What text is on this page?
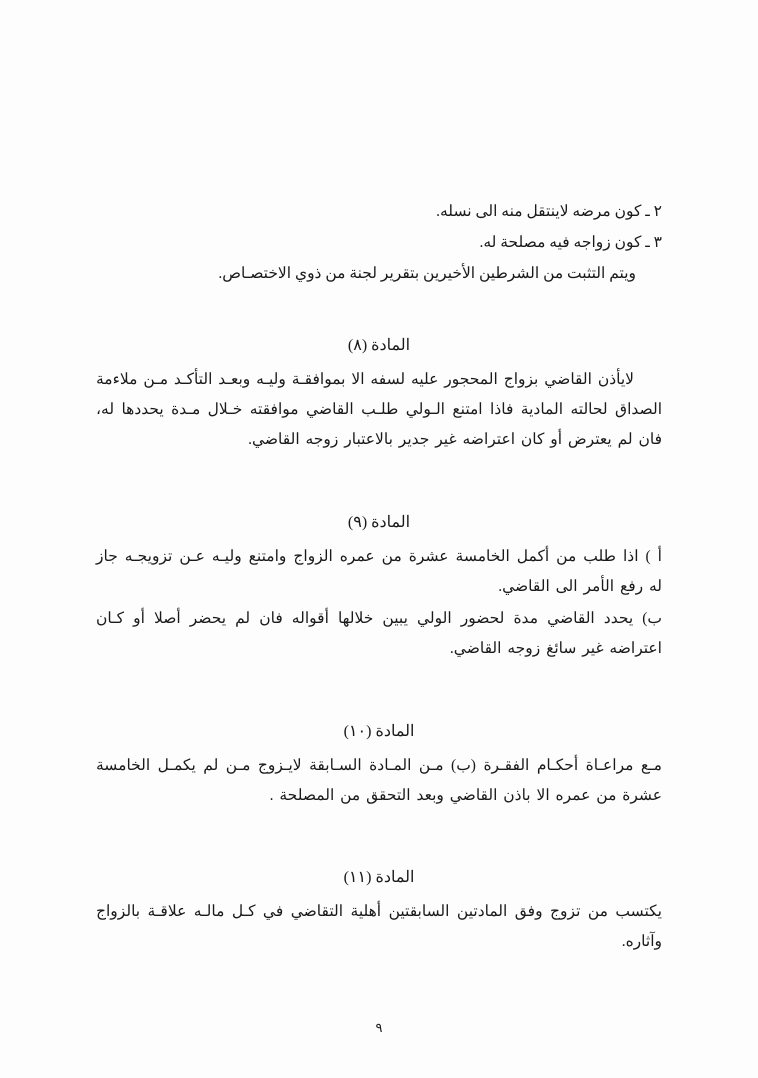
٢ ـ كون مرضه لاينتقل منه الى نسله.

٣ ـ كون زواجه فيه مصلحة له.

ويتم التثبت من الشرطين الأخيرين بتقرير لجنة من ذوي الاختصـاص.

المادة (٨)

لايأذن القاضي بزواج المحجور عليه لسفه الا بموافقـة وليـه وبعـد التأكـد مـن ملاءمة الصداق لحالته المادية فاذا امتنع الـولي طلـب القاضي موافقته خـلال مـدة يحددها له، فان لم يعترض أو كان اعتراضه غير جدير بالاعتبار زوجه القاضي.

المادة (٩)

أ ) اذا طلب من أكمل الخامسة عشرة من عمره الزواج وامتنع وليـه عـن تزويجـه جاز له رفع الأمر الى القاضي.

ب) يحدد القاضي مدة لحضور الولي يبين خلالها أقواله فان لم يحضر أصلا أو كـان اعتراضه غير سائغ زوجه القاضي.

المادة (١٠)

مـع مراعـاة أحكـام الفقـرة (ب) مـن المـادة السـابقة لايـزوج مـن لم يكمـل الخامسة عشرة من عمره الا باذن القاضي وبعد التحقق من المصلحة .

المادة (١١)

يكتسب من تزوج وفق المادتين السابقتين أهلية التقاضي في كـل مالـه علاقـة بالزواج وآثاره.

٩
